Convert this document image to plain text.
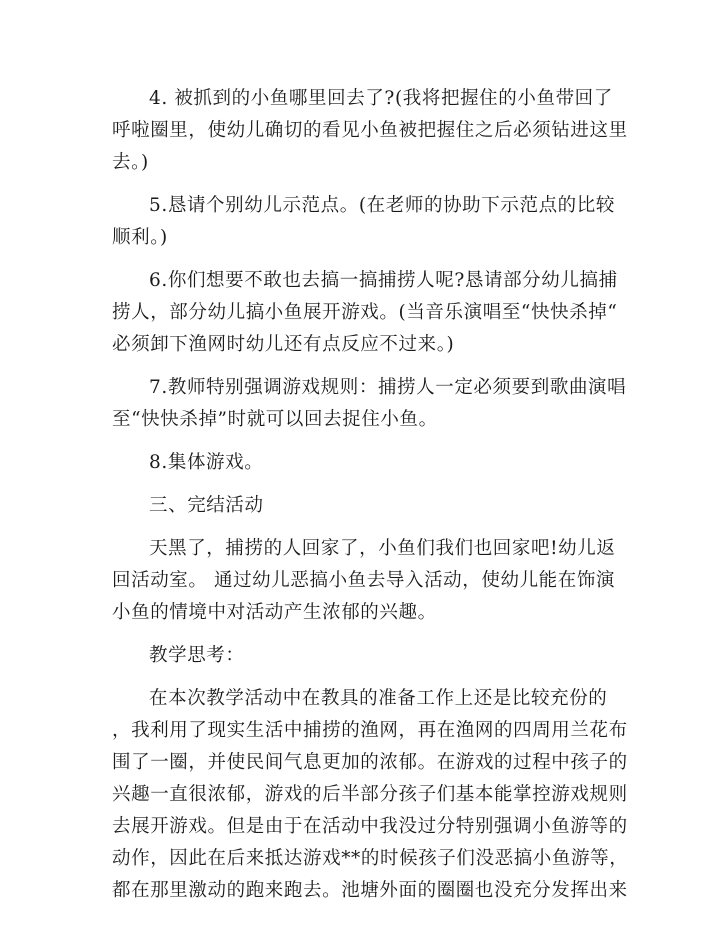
4. 被抓到的小鱼哪里回去了?(我将把握住的小鱼带回了
呼啦圈里，使幼儿确切的看见小鱼被把握住之后必须钻进这里
去。)

5.恳请个别幼儿示范点。(在老师的协助下示范点的比较
顺利。)

6.你们想要不敢也去搞一搞捕捞人呢?恳请部分幼儿搞捕
捞人，部分幼儿搞小鱼展开游戏。(当音乐演唱至“快快杀掉“
必须卸下渔网时幼儿还有点反应不过来。)

7.教师特别强调游戏规则：捕捞人一定必须要到歌曲演唱
至“快快杀掉”时就可以回去捉住小鱼。

8.集体游戏。

三、完结活动

天黑了，捕捞的人回家了，小鱼们我们也回家吧!幼儿返
回活动室。 通过幼儿恶搞小鱼去导入活动，使幼儿能在饰演
小鱼的情境中对活动产生浓郁的兴趣。

教学思考：

在本次教学活动中在教具的准备工作上还是比较充份的
，我利用了现实生活中捕捞的渔网，再在渔网的四周用兰花布
围了一圈，并使民间气息更加的浓郁。在游戏的过程中孩子的
兴趣一直很浓郁，游戏的后半部分孩子们基本能掌控游戏规则
去展开游戏。但是由于在活动中我没过分特别强调小鱼游等的
动作，因此在后来抵达游戏**的时候孩子们没恶搞小鱼游等，
都在那里激动的跑来跑去。池塘外面的圈圈也没充分发挥出来
